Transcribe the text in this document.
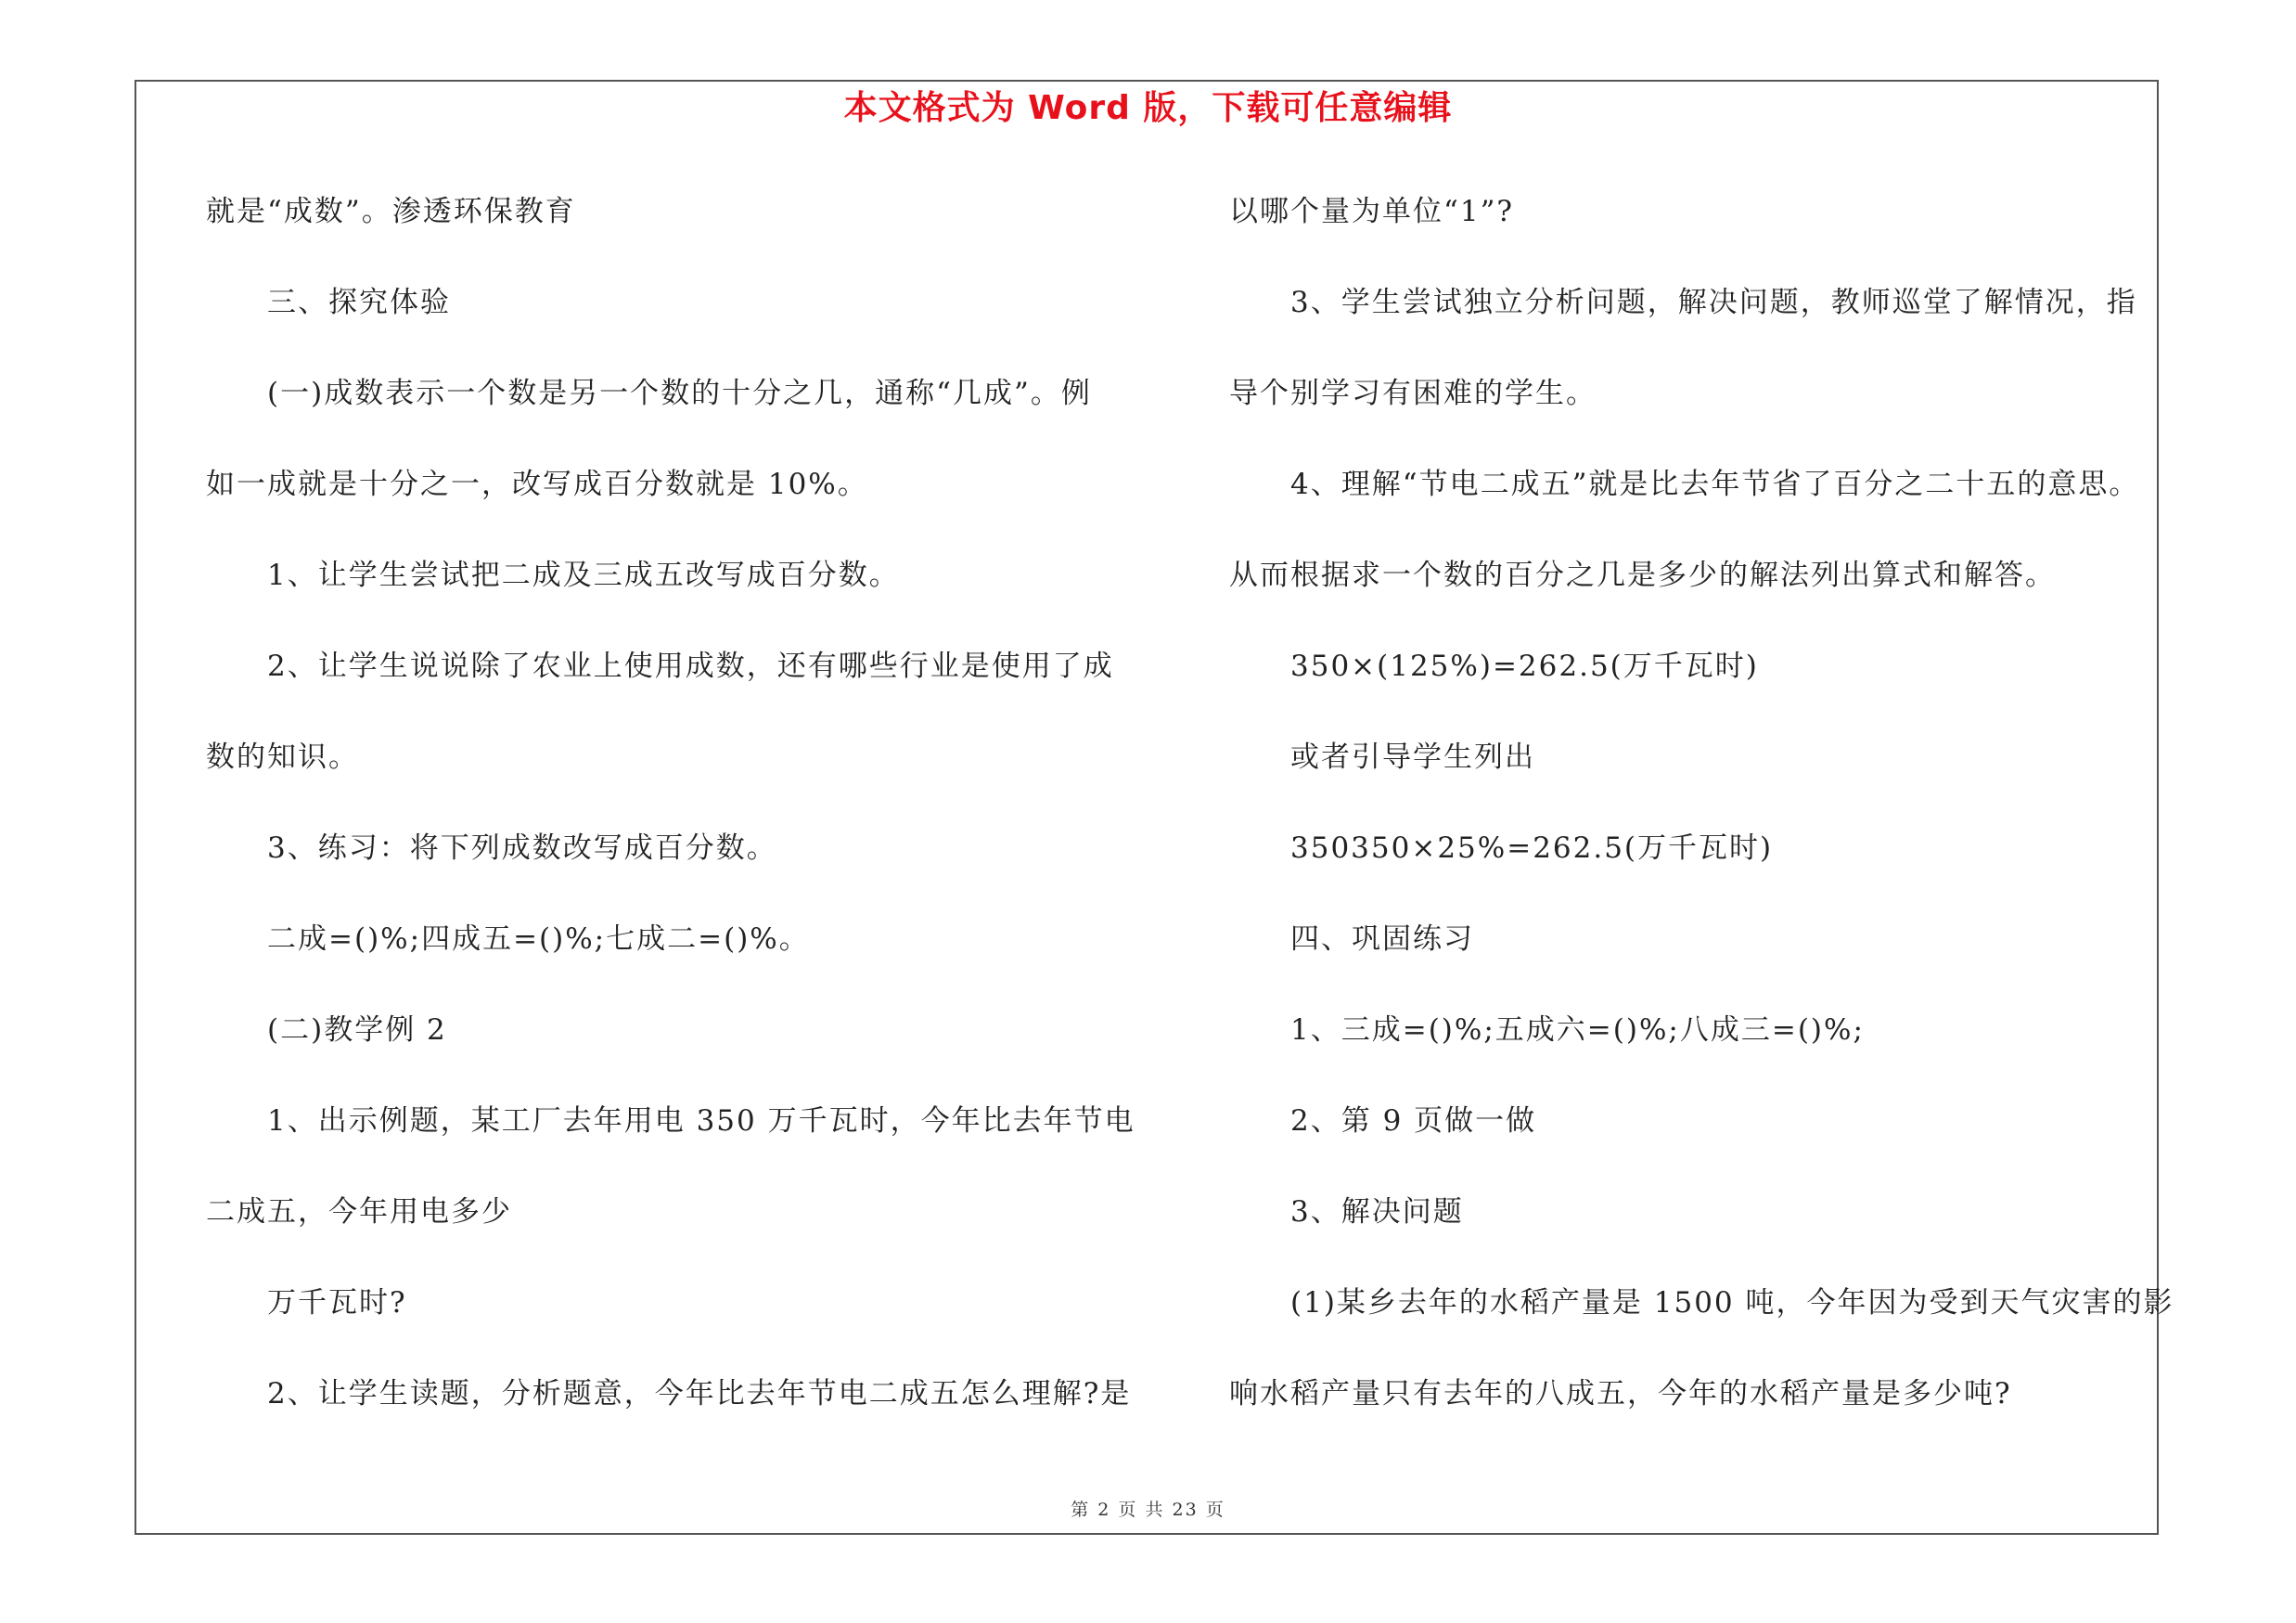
本文格式为 Word 版，下载可任意编辑
就是“成数”。渗透环保教育
三、探究体验
(一)成数表示一个数是另一个数的十分之几，通称“几成”。例
如一成就是十分之一，改写成百分数就是 10%。
1、让学生尝试把二成及三成五改写成百分数。
2、让学生说说除了农业上使用成数，还有哪些行业是使用了成
数的知识。
3、练习：将下列成数改写成百分数。
二成=()%;四成五=()%;七成二=()%。
(二)教学例 2
1、出示例题，某工厂去年用电 350 万千瓦时，今年比去年节电
二成五，今年用电多少
万千瓦时?
2、让学生读题，分析题意，今年比去年节电二成五怎么理解?是
以哪个量为单位“1”?
3、学生尝试独立分析问题，解决问题，教师巡堂了解情况，指
导个别学习有困难的学生。
4、理解“节电二成五”就是比去年节省了百分之二十五的意思。
从而根据求一个数的百分之几是多少的解法列出算式和解答。
350×(125%)=262.5(万千瓦时)
或者引导学生列出
350350×25%=262.5(万千瓦时)
四、巩固练习
1、三成=()%;五成六=()%;八成三=()%;
2、第 9 页做一做
3、解决问题
(1)某乡去年的水稻产量是 1500 吨，今年因为受到天气灾害的影
响水稻产量只有去年的八成五，今年的水稻产量是多少吨?
第 2 页 共 23 页
